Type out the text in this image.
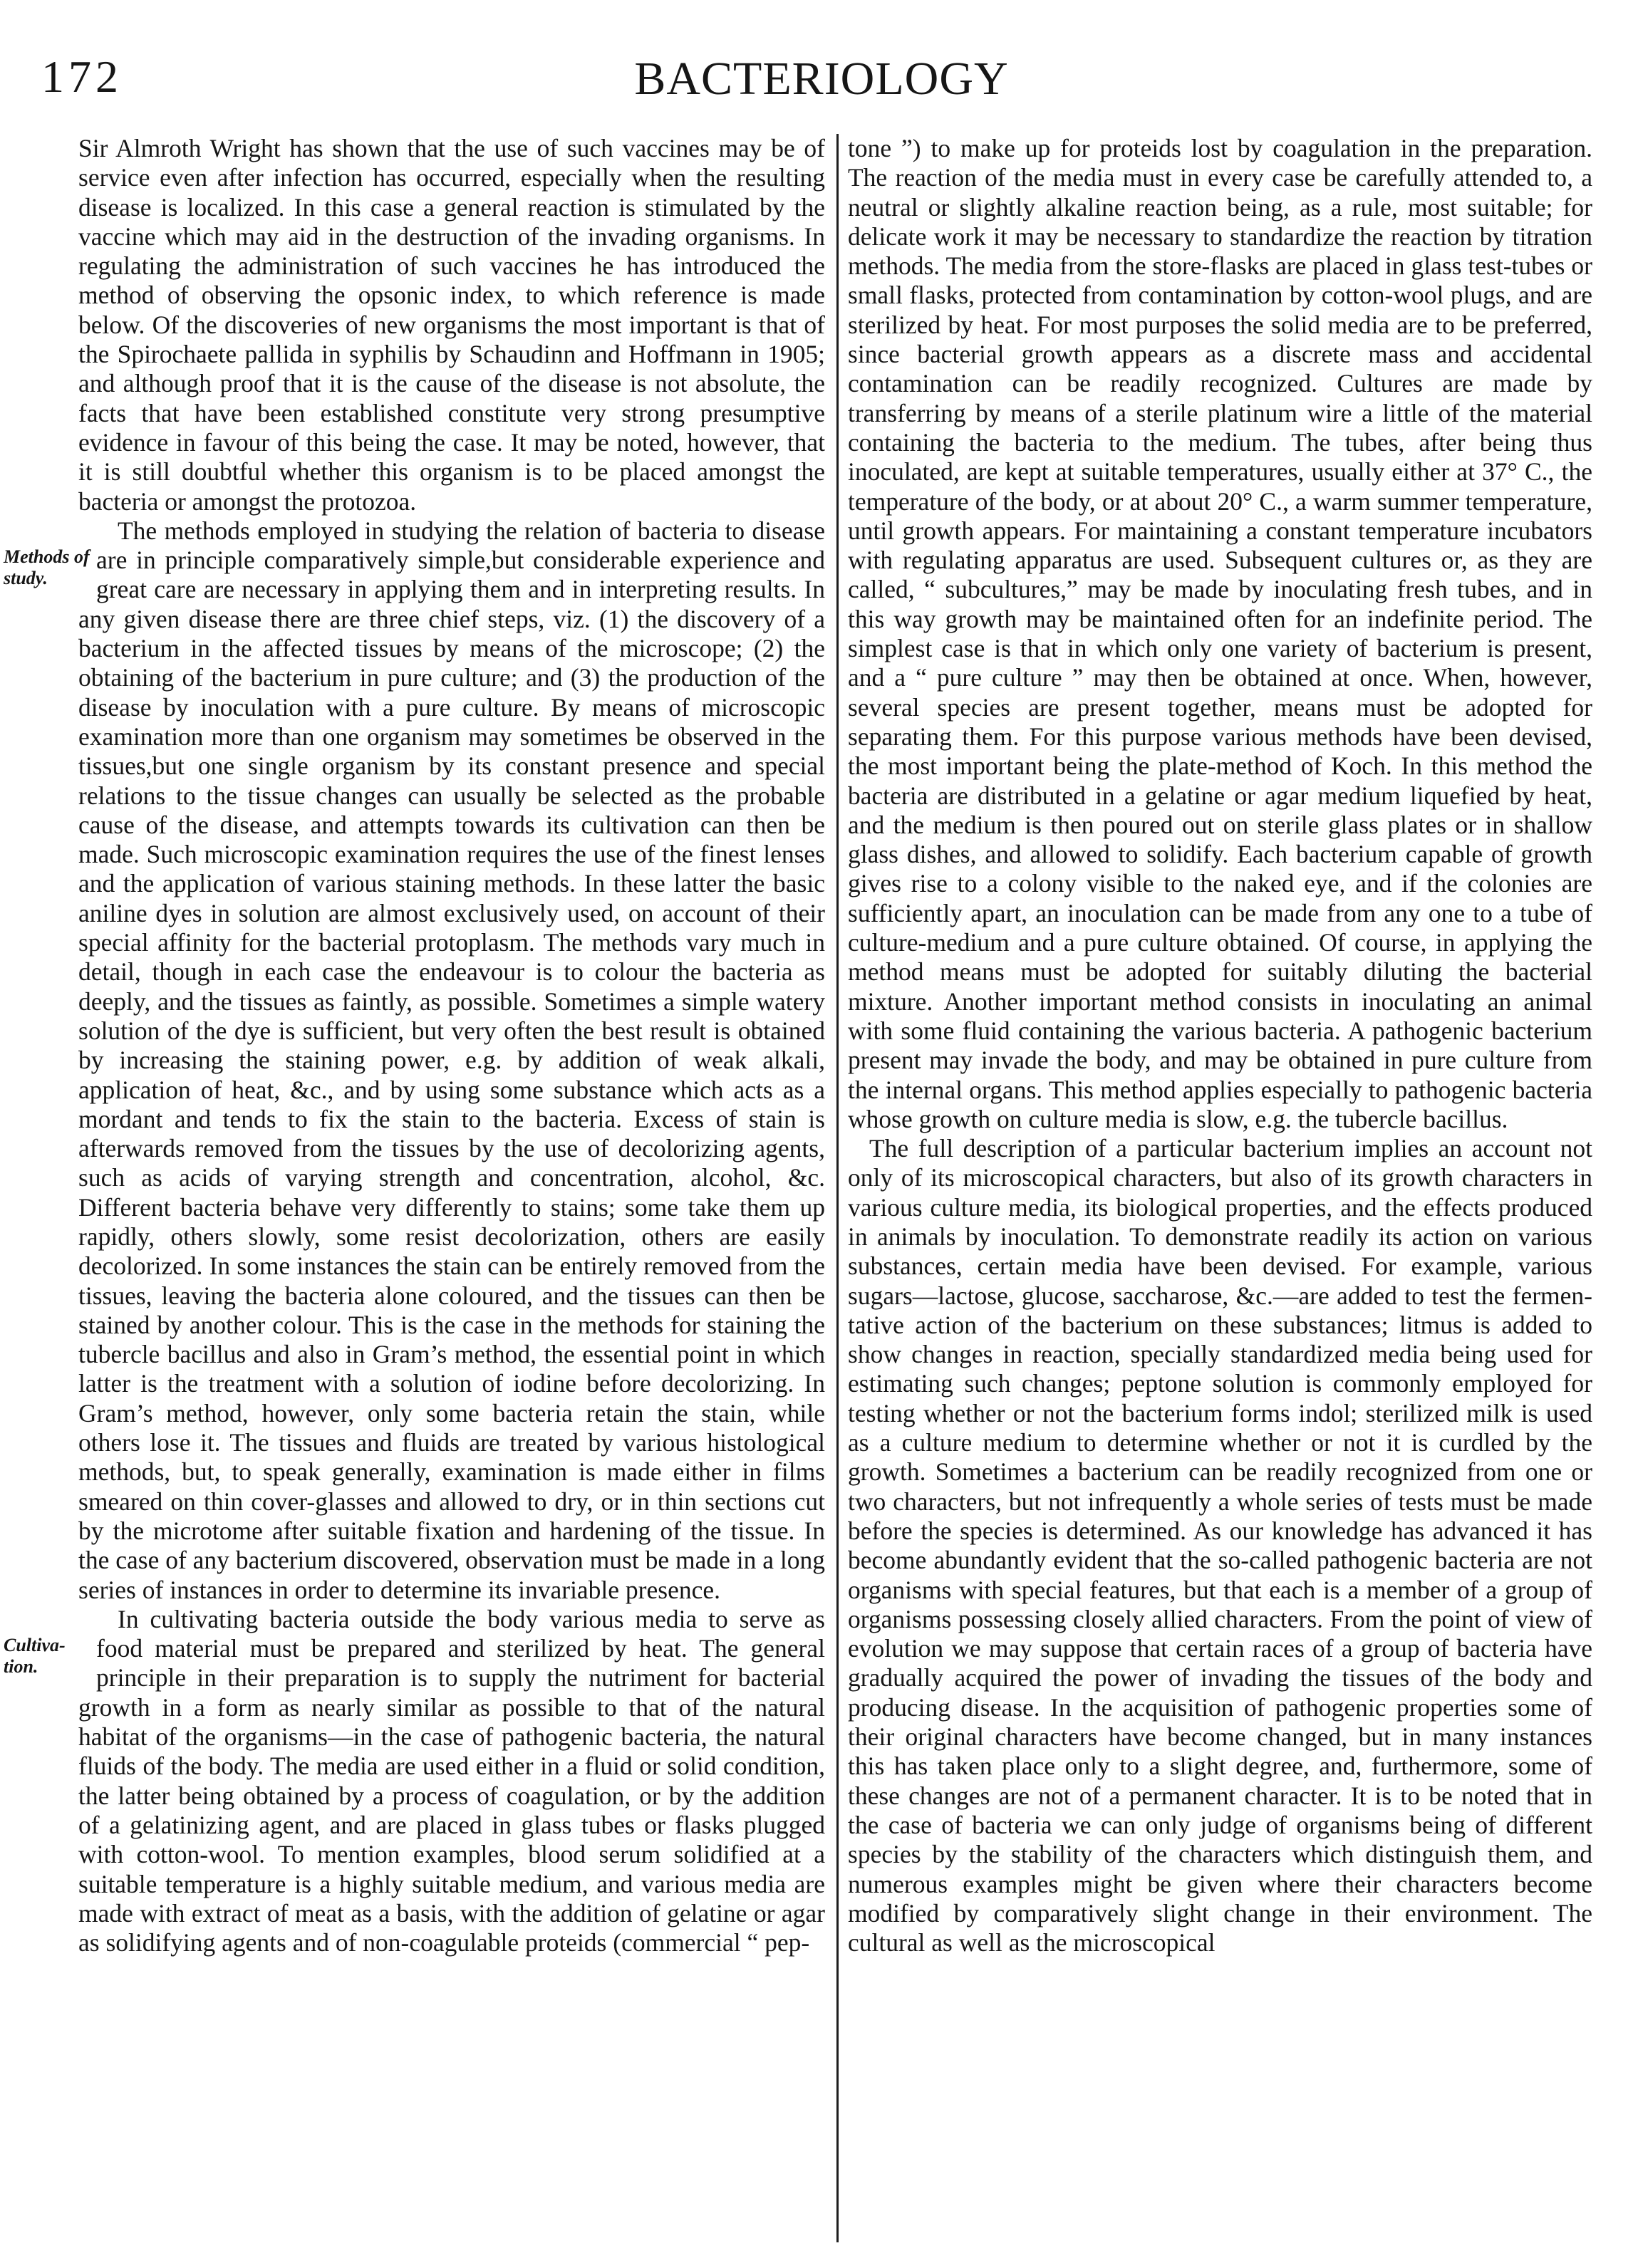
172	BACTERIOLOGY

Sir Almroth Wright has shown that the use of such vaccines may be of service even after infection has occurred, especially when the resulting disease is localized. In this case a general reaction is stimulated by the vaccine which may aid in the destruction of the invading organisms. In regulating the administration of such vaccines he has introduced the method of observing the opsonic index, to which reference is made below. Of the discoveries of new organisms the most important is that of the Spirochaete pallida in syphilis by Schaudinn and Hoffmann in 1905; and although proof that it is the cause of the disease is not absolute, the facts that have been established constitute very strong presumptive evidence in favour of this being the case. It may be noted, however, that it is still doubtful whether this organism is to be placed amongst the bacteria or amongst the protozoa.

Methods of study.
The methods employed in studying the relation of bacteria to disease are in principle comparatively simple,but considerable experience and great care are necessary in applying them and in interpreting results. In any given disease there are three chief steps, viz. (1) the discovery of a bacterium in the affected tissues by means of the microscope; (2) the obtaining of the bacterium in pure culture; and (3) the production of the disease by inoculation with a pure culture. By means of microscopic examination more than one organism may sometimes be observed in the tissues,but one single organism by its constant presence and special relations to the tissue changes can usually be selected as the probable cause of the disease, and attempts towards its cultivation can then be made. Such microscopic examination requires the use of the finest lenses and the application of various staining methods. In these latter the basic aniline dyes in solution are almost exclusively used, on account of their special affinity for the bacterial protoplasm. The methods vary much in detail, though in each case the endeavour is to colour the bacteria as deeply, and the tissues as faintly, as possible. Sometimes a simple watery solution of the dye is sufficient, but very often the best result is obtained by increasing the staining power, e.g. by addition of weak alkali, application of heat, &c., and by using some substance which acts as a mordant and tends to fix the stain to the bacteria. Excess of stain is afterwards removed from the tissues by the use of decolorizing agents, such as acids of varying strength and concentration, alcohol, &c. Different bacteria behave very differently to stains; some take them up rapidly, others slowly, some resist decolorization, others are easily decolorized. In some instances the stain can be entirely removed from the tissues, leaving the bacteria alone coloured, and the tissues can then be stained by another colour. This is the case in the methods for staining the tubercle bacillus and also in Gram’s method, the essential point in which latter is the treatment with a solution of iodine before decolorizing. In Gram’s method, however, only some bacteria retain the stain, while others lose it. The tissues and fluids are treated by various histological methods, but, to speak generally, examination is made either in films smeared on thin cover-glasses and allowed to dry, or in thin sections cut by the microtome after suitable fixation and hardening of the tissue. In the case of any bacterium discovered, observation must be made in a long series of instances in order to determine its invariable presence.

Cultivation.
In cultivating bacteria outside the body various media to serve as food material must be prepared and sterilized by heat. The general principle in their preparation is to supply the nutriment for bacterial growth in a form as nearly similar as possible to that of the natural habitat of the organisms—in the case of pathogenic bacteria, the natural fluids of the body. The media are used either in a fluid or solid condition, the latter being obtained by a process of coagulation, or by the addition of a gelatinizing agent, and are placed in glass tubes or flasks plugged with cotton-wool. To mention examples, blood serum solidified at a suitable temperature is a highly suitable medium, and various media are made with extract of meat as a basis, with the addition of gelatine or agar as solidifying agents and of non-coagulable proteids (commercial “ pep-

tone ”) to make up for proteids lost by coagulation in the preparation. The reaction of the media must in every case be carefully attended to, a neutral or slightly alkaline reaction being, as a rule, most suitable; for delicate work it may be necessary to standardize the reaction by titration methods. The media from the store-flasks are placed in glass test-tubes or small flasks, protected from contamination by cotton-wool plugs, and are sterilized by heat. For most purposes the solid media are to be preferred, since bacterial growth appears as a discrete mass and accidental contamination can be readily recognized. Cultures are made by transferring by means of a sterile platinum wire a little of the material containing the bacteria to the medium. The tubes, after being thus inoculated, are kept at suitable temperatures, usually either at 37° C., the temperature of the body, or at about 20° C., a warm summer temperature, until growth appears. For maintaining a constant temperature incubators with regulating apparatus are used. Subsequent cultures or, as they are called, “ subcultures,” may be made by inoculating fresh tubes, and in this way growth may be maintained often for an indefinite period. The simplest case is that in which only one variety of bacterium is present, and a “ pure culture ” may then be obtained at once. When, however, several species are present together, means must be adopted for separating them. For this purpose various methods have been devised, the most important being the plate-method of Koch. In this method the bacteria are distributed in a gelatine or agar medium liquefied by heat, and the medium is then poured out on sterile glass plates or in shallow glass dishes, and allowed to solidify. Each bacterium capable of growth gives rise to a colony visible to the naked eye, and if the colonies are sufficiently apart, an inoculation can be made from any one to a tube of culture-medium and a pure culture obtained. Of course, in applying the method means must be adopted for suitably diluting the bacterial mixture. Another important method consists in inoculating an animal with some fluid containing the various bacteria. A pathogenic bacterium present may invade the body, and may be obtained in pure culture from the internal organs. This method applies especially to pathogenic bacteria whose growth on culture media is slow, e.g. the tubercle bacillus.

The full description of a particular bacterium implies an account not only of its microscopical characters, but also of its growth characters in various culture media, its biological properties, and the effects produced in animals by inoculation. To demonstrate readily its action on various substances, certain media have been devised. For example, various sugars—lactose, glucose, saccharose, &c.—are added to test the fermentative action of the bacterium on these substances; litmus is added to show changes in reaction, specially standardized media being used for estimating such changes; peptone solution is commonly employed for testing whether or not the bacterium forms indol; sterilized milk is used as a culture medium to determine whether or not it is curdled by the growth. Sometimes a bacterium can be readily recognized from one or two characters, but not infrequently a whole series of tests must be made before the species is determined. As our knowledge has advanced it has become abundantly evident that the so-called pathogenic bacteria are not organisms with special features, but that each is a member of a group of organisms possessing closely allied characters. From the point of view of evolution we may suppose that certain races of a group of bacteria have gradually acquired the power of invading the tissues of the body and producing disease. In the acquisition of pathogenic properties some of their original characters have become changed, but in many instances this has taken place only to a slight degree, and, furthermore, some of these changes are not of a permanent character. It is to be noted that in the case of bacteria we can only judge of organisms being of different species by the stability of the characters which distinguish them, and numerous examples might be given where their characters become modified by comparatively slight change in their environment. The cultural as well as the microscopical
